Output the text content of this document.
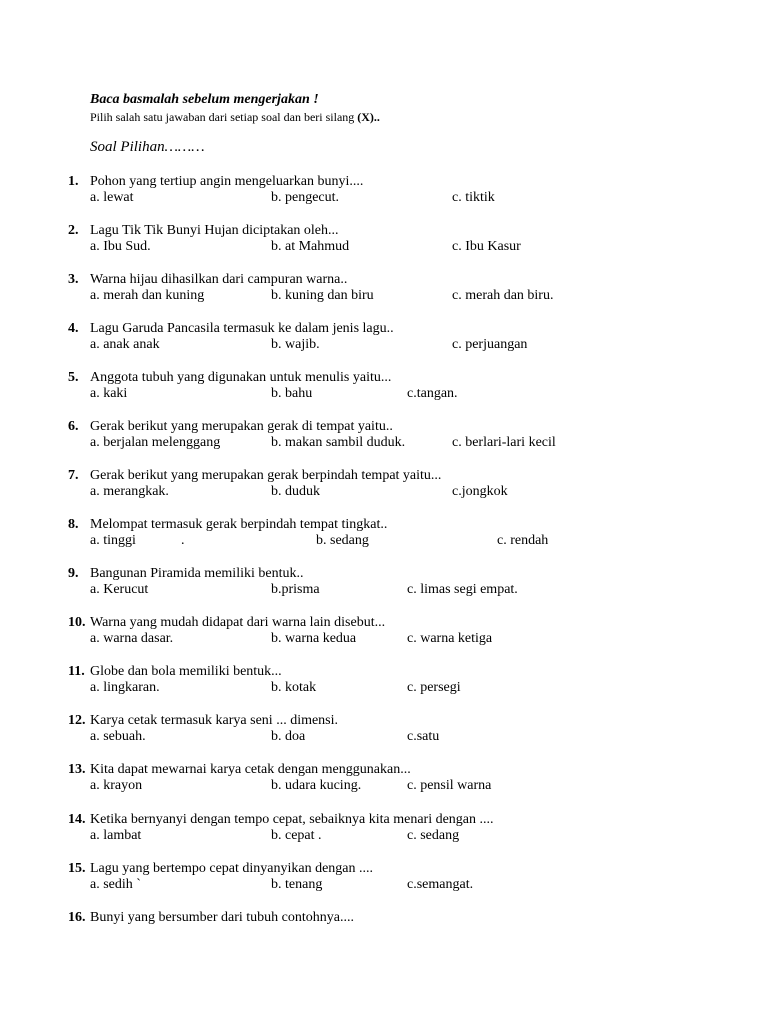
Baca basmalah sebelum mengerjakan !
Pilih salah satu jawaban dari setiap soal dan beri silang (X)..
Soal Pilihan………
1. Pohon yang tertiup angin mengeluarkan bunyi....
a. lewat	b. pengecut.	c. tiktik
2. Lagu Tik Tik Bunyi Hujan diciptakan oleh...
a. Ibu Sud.	b. at Mahmud	c. Ibu Kasur
3. Warna hijau dihasilkan dari campuran warna..
a. merah dan kuning	b. kuning dan biru	c. merah dan biru.
4. Lagu Garuda Pancasila termasuk ke dalam jenis lagu..
a. anak anak	b. wajib.	c. perjuangan
5. Anggota tubuh yang digunakan untuk menulis yaitu...
a. kaki	b. bahu	c.tangan.
6. Gerak berikut yang merupakan gerak di tempat yaitu..
a. berjalan melenggang	b. makan sambil duduk.	c. berlari-lari kecil
7. Gerak berikut yang merupakan gerak berpindah tempat yaitu...
a. merangkak.	b. duduk	c.jongkok
8. Melompat termasuk gerak berpindah tempat tingkat..
a. tinggi	.	b. sedang	c. rendah
9. Bangunan Piramida memiliki bentuk..
a. Kerucut	b.prisma	c. limas segi empat.
10. Warna yang mudah didapat dari warna lain disebut...
a. warna dasar.	b. warna kedua	c. warna ketiga
11. Globe dan bola memiliki bentuk...
a. lingkaran.	b. kotak	c. persegi
12. Karya cetak termasuk karya seni ... dimensi.
a. sebuah.	b. doa	c.satu
13. Kita dapat mewarnai karya cetak dengan menggunakan...
a. krayon	b. udara kucing.	c. pensil warna
14. Ketika bernyanyi dengan tempo cepat, sebaiknya kita menari dengan ....
a. lambat	b. cepat .	c. sedang
15. Lagu yang bertempo cepat dinyanyikan dengan ....
a. sedih `	b. tenang	c.semangat.
16. Bunyi yang bersumber dari tubuh contohnya....
